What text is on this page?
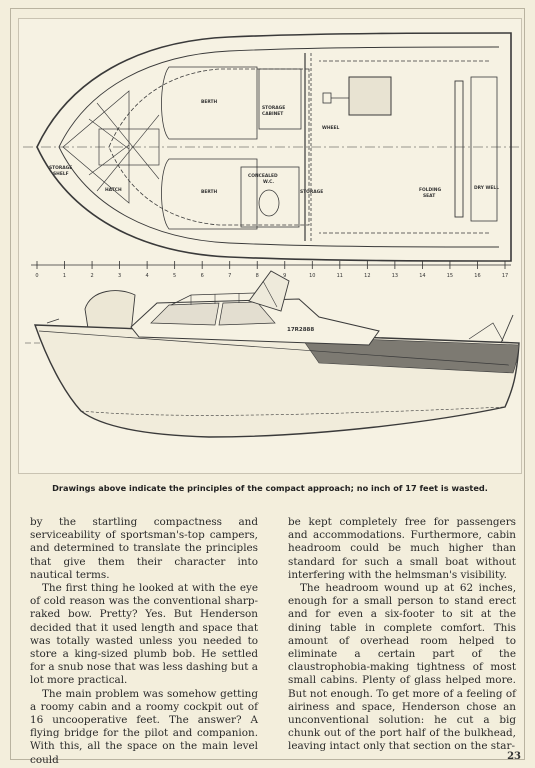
STORAGE
SHELF
HATCH
BERTH
BERTH
STORAGE
CABINET
CONCEALED
W.C.
WHEEL
STORAGE	FOLDING
SEAT
DRY WELL
0	1	2	3	4	5	6	7	8	9	10	11	12	13	14	15	16	17
17R2888
Drawings above indicate the principles of the compact approach; no inch of 17 feet is wasted.

by the startling compactness and serviceability of sportsman's-top campers, and determined to translate the principles that give them their character into nautical terms.

The first thing he looked at with the eye of cold reason was the conventional sharp-raked bow. Pretty? Yes. But Henderson decided that it used length and space that was totally wasted unless you needed to store a king-sized plumb bob. He settled for a snub nose that was less dashing but a lot more practical.

The main problem was somehow getting a roomy cabin and a roomy cockpit out of 16 uncooperative feet. The answer? A flying bridge for the pilot and companion. With this, all the space on the main level could

be kept completely free for passengers and accommodations. Furthermore, cabin headroom could be much higher than standard for such a small boat without interfering with the helmsman's visibility.

The headroom wound up at 62 inches, enough for a small person to stand erect and for even a six-footer to sit at the dining table in complete comfort. This amount of overhead room helped to eliminate a certain part of the claustrophobia-making tightness of most small cabins. Plenty of glass helped more. But not enough. To get more of a feeling of airiness and space, Henderson chose an unconventional solution: he cut a big chunk out of the port half of the bulkhead, leaving intact only that section on the star-

23
